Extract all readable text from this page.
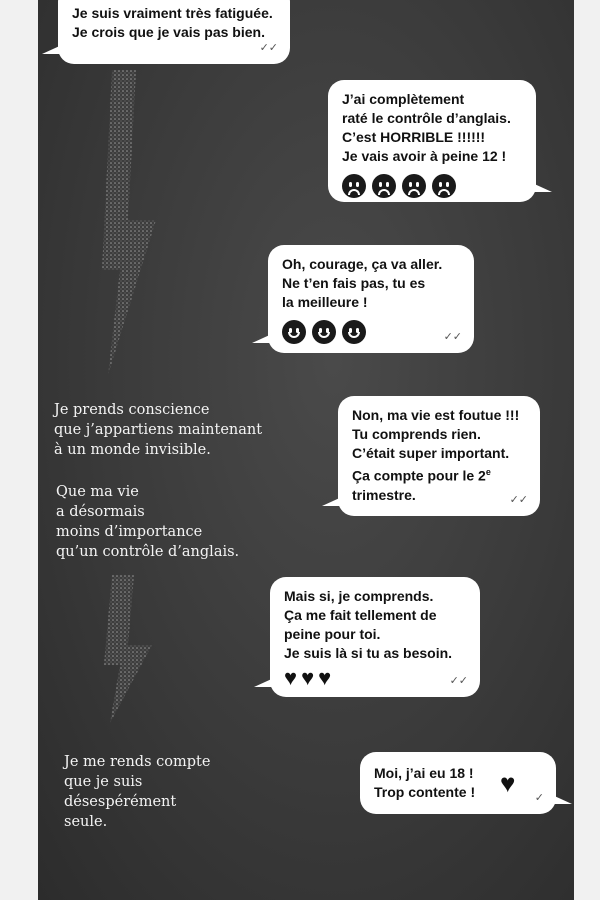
Je suis vraiment très fatiguée.
Je crois que je vais pas bien.
✓✓
J’ai complètement
raté le contrôle d’anglais.
C’est HORRIBLE !!!!!!
Je vais avoir à peine 12 !
Oh, courage, ça va aller.
Ne t’en fais pas, tu es
la meilleure !
✓✓
Je prends conscience
que j’appartiens maintenant
à un monde invisible.
Non, ma vie est foutue !!!
Tu comprends rien.
C’était super important.
Ça compte pour le 2e
trimestre.	✓✓
Que ma vie
a désormais
moins d’importance
qu’un contrôle d’anglais.
Mais si, je comprends.
Ça me fait tellement de
peine pour toi.
Je suis là si tu as besoin.
♥ ♥ ♥	✓✓
Je me rends compte
que je suis
désespérément
seule.
Moi, j’ai eu 18 !
Trop contente ! ♥ ✓
